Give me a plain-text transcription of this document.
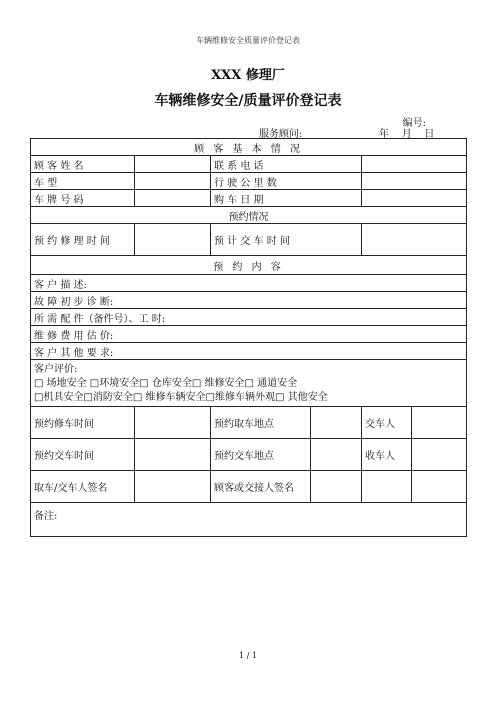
车辆维修安全质量评价登记表
XXX 修理厂
车辆维修安全/质量评价登记表
编号:
服务顾问:	年    月    日
顾 客 基 本 情 况					
顾 客 姓 名		联 系 电 话			
车 型		行 驶 公 里 数			
车 牌 号 码		购 车 日 期			
预约情况					
预 约 修 理 时 间		预 计 交 车 时 间			
预 约 内 容					
客 户 描 述:					
故 障 初 步 诊 断:					
所 需 配 件（备件号）、工 时:					
维 修 费 用 估 价:					
客 户 其 他 要 求:					

客户评价:
□ 场地安全 □环境安全□ 仓库安全□ 维修安全□ 通道安全
□机具安全□消防安全□ 维修车辆安全□维修车辆外观□ 其他安全					

预约修车时间		预约取车地点		交车人	
预约交车时间		预约交车地点		收车人	
取车/交车人签名		顾客或交接人签名			
备注:					
1 / 1
